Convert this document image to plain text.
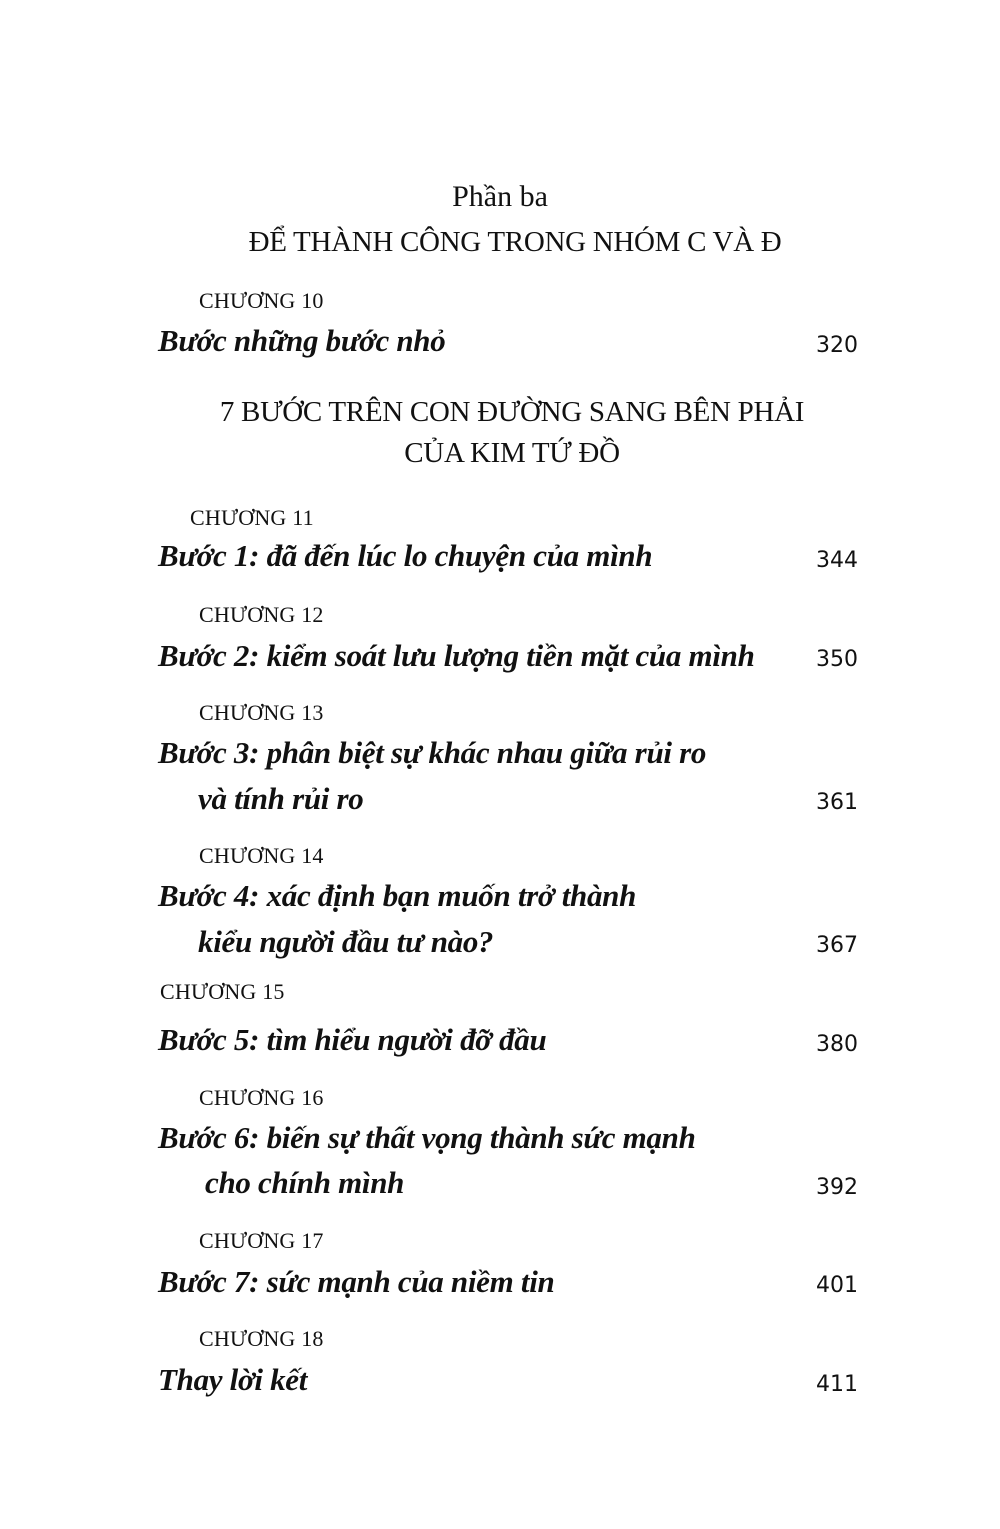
Phần ba
ĐỂ THÀNH CÔNG TRONG NHÓM C VÀ Đ
CHƯƠNG 10
Bước những bước nhỏ	320
7 BƯỚC TRÊN CON ĐƯỜNG SANG BÊN PHẢI
CỦA KIM TỨ ĐỒ
CHƯƠNG 11
Bước 1: đã đến lúc lo chuyện của mình	344
CHƯƠNG 12
Bước 2: kiểm soát lưu lượng tiền mặt của mình	350
CHƯƠNG 13
Bước 3: phân biệt sự khác nhau giữa rủi ro
và tính rủi ro	361
CHƯƠNG 14
Bước 4: xác định bạn muốn trở thành
kiểu người đầu tư nào?	367
CHƯƠNG 15
Bước 5: tìm hiểu người đỡ đầu	380
CHƯƠNG 16
Bước 6: biến sự thất vọng thành sức mạnh
cho chính mình	392
CHƯƠNG 17
Bước 7: sức mạnh của niềm tin	401
CHƯƠNG 18
Thay lời kết	411
